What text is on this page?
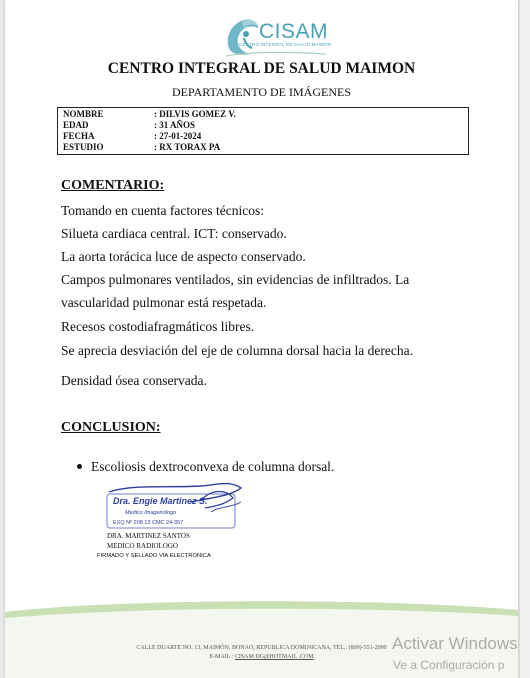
CISAM
CENTRO INTEGRAL DE SALUD MAIMON
CENTRO INTEGRAL DE SALUD MAIMON
DEPARTAMENTO DE IMÁGENES
NOMBRE	: DILVIS GOMEZ V.
EDAD	: 31 AÑOS
FECHA	: 27-01-2024
ESTUDIO	: RX TORAX PA
COMENTARIO:
Tomando en cuenta factores técnicos:
Silueta cardiaca central. ICT: conservado.
La aorta torácica luce de aspecto conservado.
Campos pulmonares ventilados, sin evidencias de infiltrados. La
vascularidad pulmonar está respetada.
Recesos costodiafragmáticos libres.
Se aprecia desviación del eje de columna dorsal hacia la derecha.
Densidad ósea conservada.
CONCLUSION:
Escoliosis dextroconvexa de columna dorsal.
Dra. Engie Martinez S.
Medico Imagenólogo
EXQ Nº 208 13 CMC 24-357
DRA. MARTINEZ SANTOS
MEDICO RADIOLOGO
FIRMADO Y SELLADO VIA ELECTRONICA
CALLE DUARTE NO. 13, MAIMÓN, BONAO, REPUBLICA DOMINICANA, TEL.: (809)-551-2090
E-MAIL : CISAM.DG@HOTMAIL .COM
Activar Windows
Ve a Configuración p
